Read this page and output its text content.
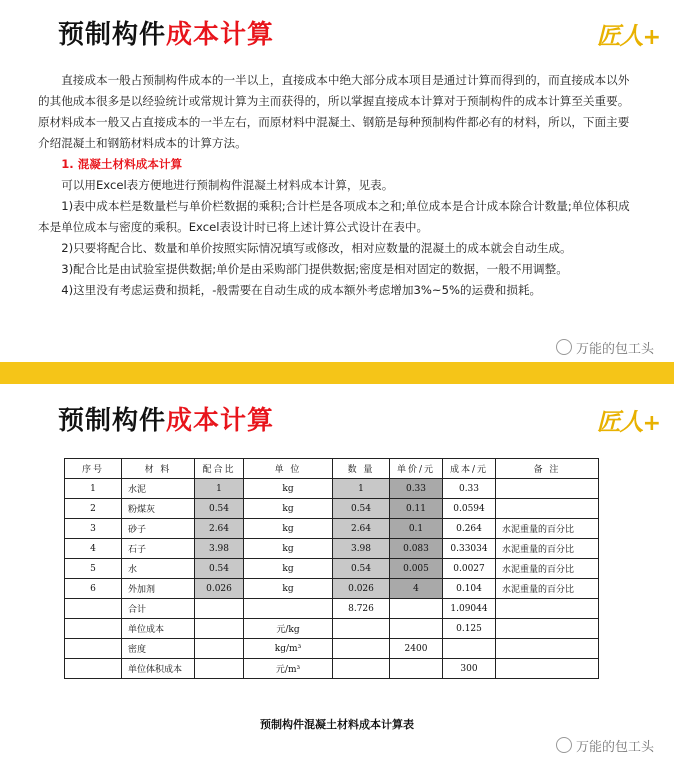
预制构件成本计算	匠人+

直接成本一般占预制构件成本的一半以上，直接成本中绝大部分成本项目是通过计算而得到的，而直接成本以外的其他成本很多是以经验统计或常规计算为主而获得的，所以掌握直接成本计算对于预制构件的成本计算至关重要。原材料成本一般又占直接成本的一半左右，而原材料中混凝土、钢筋是每种预制构件都必有的材料，所以，下面主要介绍混凝土和钢筋材料成本的计算方法。

1. 混凝土材料成本计算

可以用Excel表方便地进行预制构件混凝土材料成本计算，见表。

1)表中成本栏是数量栏与单价栏数据的乘积;合计栏是各项成本之和;单位成本是合计成本除合计数量;单位体积成本是单位成本与密度的乘积。Excel表设计时已将上述计算公式设计在表中。

2)只要将配合比、数量和单价按照实际情况填写或修改，相对应数量的混凝土的成本就会自动生成。

3)配合比是由试验室提供数据;单价是由采购部门提供数据;密度是相对固定的数据，一般不用调整。

4)这里没有考虑运费和损耗，-般需要在自动生成的成本额外考虑增加3%~5%的运费和损耗。

万能的包工头
预制构件成本计算	匠人+
序号	材 料	配合比	单 位	数 量	单价/元	成本/元	备 注
1	水泥	1	kg	1	0.33	0.33	
2	粉煤灰	0.54	kg	0.54	0.11	0.0594	
3	砂子	2.64	kg	2.64	0.1	0.264	水泥重量的百分比
4	石子	3.98	kg	3.98	0.083	0.33034	水泥重量的百分比
5	水	0.54	kg	0.54	0.005	0.0027	水泥重量的百分比
6	外加剂	0.026	kg	0.026	4	0.104	水泥重量的百分比
	合计			8.726		1.09044	
	单位成本		元/kg			0.125	
	密度		kg/m³		2400		
	单位体积成本		元/m³			300	
预制构件混凝土材料成本计算表
万能的包工头
